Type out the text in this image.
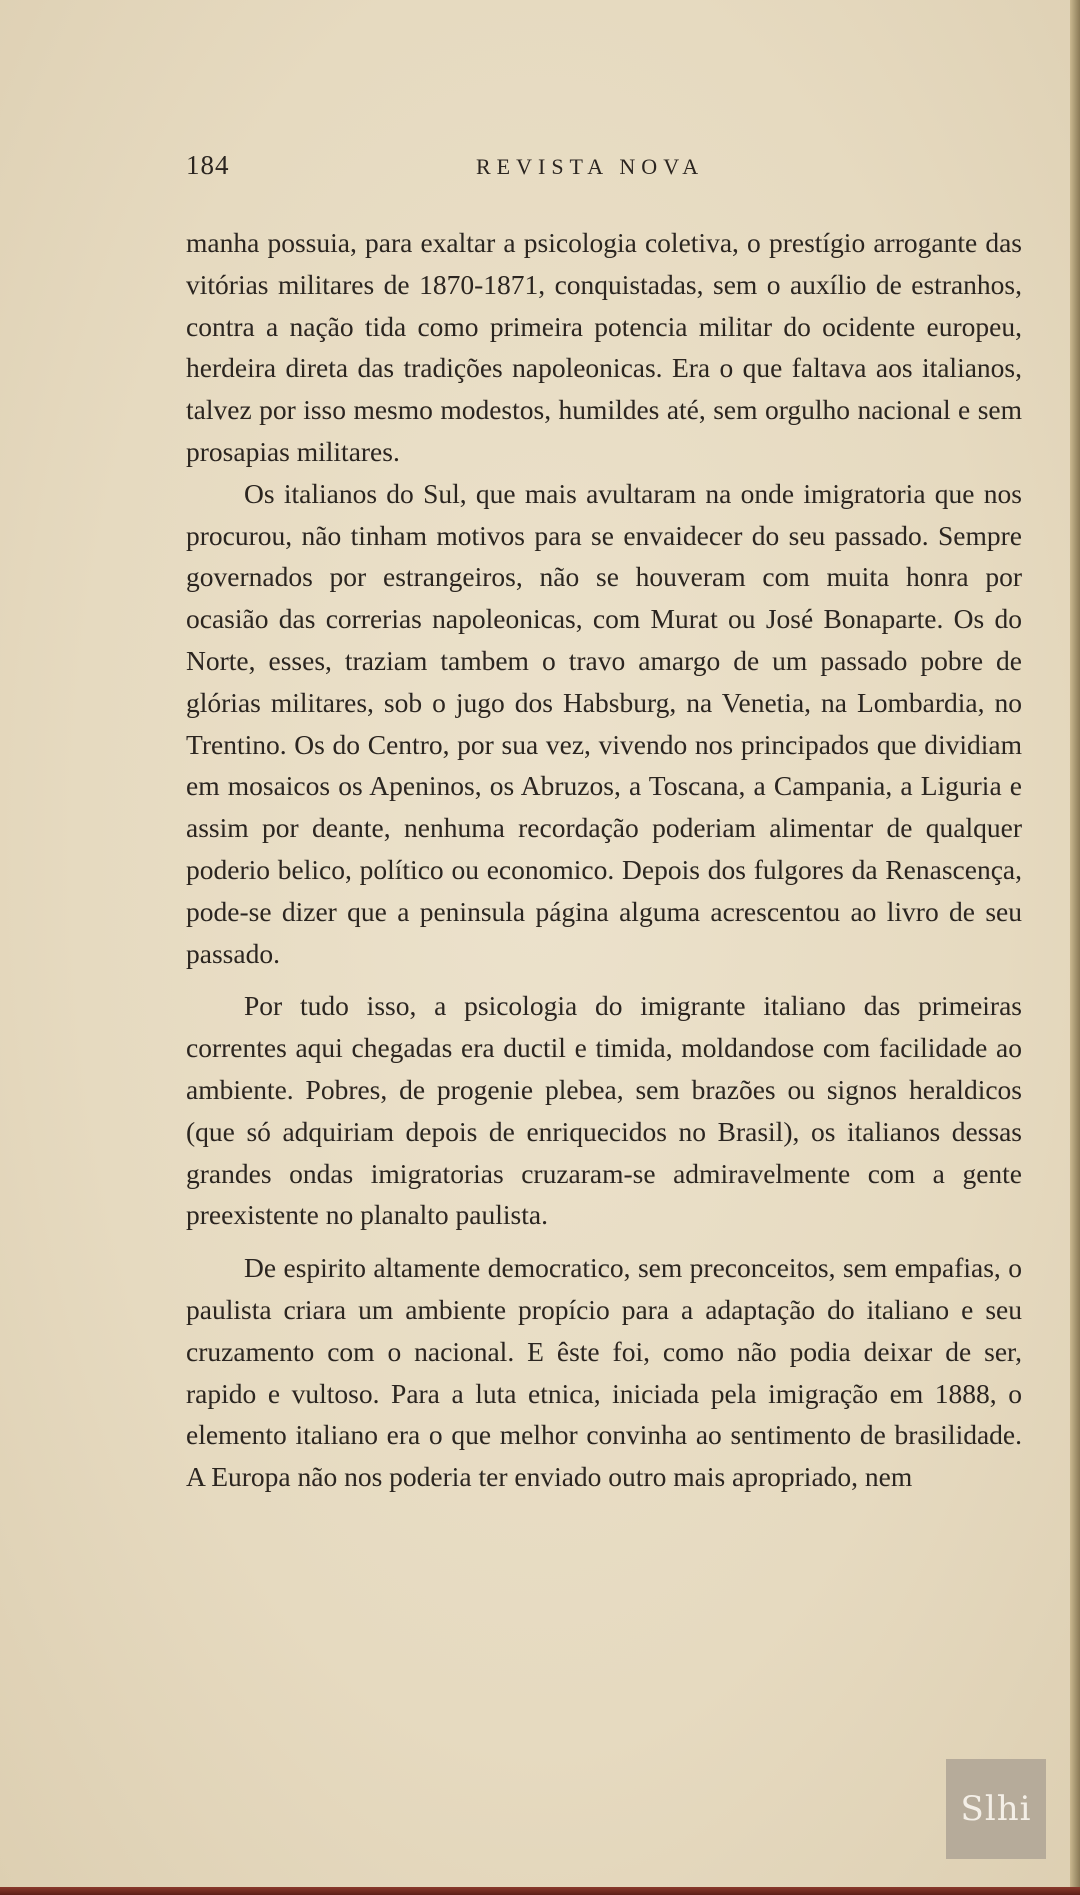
184	REVISTA NOVA

manha possuia, para exaltar a psicologia coletiva, o prestígio arrogante das vitórias militares de 1870-1871, conquistadas, sem o auxílio de estranhos, contra a nação tida como primeira potencia militar do ocidente europeu, herdeira direta das tradições napoleonicas. Era o que faltava aos italianos, talvez por isso mesmo modestos, humildes até, sem orgulho nacional e sem prosapias militares.

Os italianos do Sul, que mais avultaram na onde imigratoria que nos procurou, não tinham motivos para se envaidecer do seu passado. Sempre governados por estrangeiros, não se houveram com muita honra por ocasião das correrias napoleonicas, com Murat ou José Bonaparte. Os do Norte, esses, traziam tambem o travo amargo de um passado pobre de glórias militares, sob o jugo dos Habsburg, na Venetia, na Lombardia, no Trentino. Os do Centro, por sua vez, vivendo nos principados que dividiam em mosaicos os Apeninos, os Abruzos, a Toscana, a Campania, a Liguria e assim por deante, nenhuma recordação poderiam alimentar de qualquer poderio belico, político ou economico. Depois dos fulgores da Renascença, pode-se dizer que a peninsula página alguma acrescentou ao livro de seu passado.

Por tudo isso, a psicologia do imigrante italiano das primeiras correntes aqui chegadas era ductil e timida, moldandose com facilidade ao ambiente. Pobres, de progenie plebea, sem brazões ou signos heraldicos (que só adquiriam depois de enriquecidos no Brasil), os italianos dessas grandes ondas imigratorias cruzaram-se admiravelmente com a gente preexistente no planalto paulista.

De espirito altamente democratico, sem preconceitos, sem empafias, o paulista criara um ambiente propício para a adaptação do italiano e seu cruzamento com o nacional. E êste foi, como não podia deixar de ser, rapido e vultoso. Para a luta etnica, iniciada pela imigração em 1888, o elemento italiano era o que melhor convinha ao sentimento de brasilidade. A Europa não nos poderia ter enviado outro mais apropriado, nem

Slhi
